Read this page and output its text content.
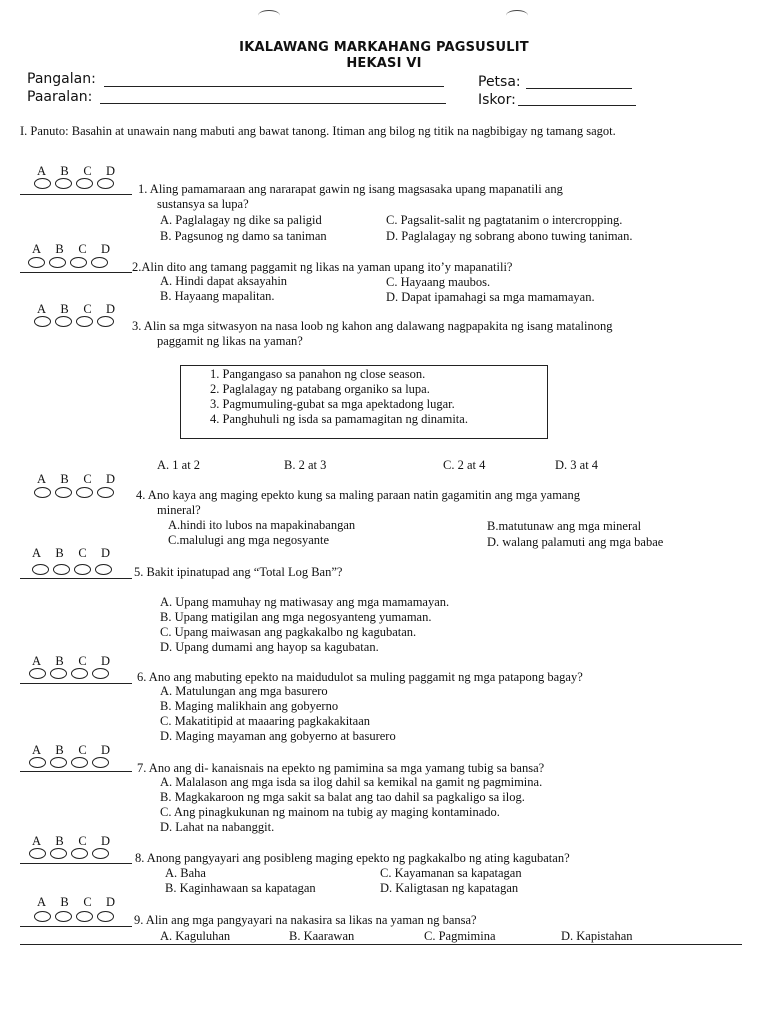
IKALAWANG MARKAHANG PAGSUSULIT
HEKASI VI
Pangalan:
Paaralan:
Petsa:
Iskor:
I. Panuto: Basahin at unawain nang mabuti ang bawat tanong. Itiman ang bilog ng titik na nagbibigay ng tamang sagot.
A B C D
1. Aling pamamaraan ang nararapat gawin ng isang magsasaka upang mapanatili ang
sustansya sa lupa?
A. Paglalagay ng dike sa paligid
B. Pagsunog ng damo sa taniman
C. Pagsalit-salit ng pagtatanim o intercropping.
D. Paglalagay ng sobrang abono tuwing taniman.
A B C D
2.Alin dito ang tamang paggamit ng likas na yaman upang ito’y mapanatili?
A. Hindi dapat aksayahin
B. Hayaang mapalitan.
C. Hayaang maubos.
D. Dapat ipamahagi sa mga mamamayan.
A B C D
3. Alin sa mga sitwasyon na nasa loob ng kahon ang dalawang nagpapakita ng isang matalinong
paggamit ng likas na yaman?
1. Pangangaso sa panahon ng close season.
2. Paglalagay ng patabang organiko sa lupa.
3. Pagmumuling-gubat sa mga apektadong lugar.
4. Panghuhuli ng isda sa pamamagitan ng dinamita.
A. 1 at 2	B. 2 at 3	C. 2 at 4	D. 3 at 4
A B C D
4. Ano kaya ang maging epekto kung sa maling paraan natin gagamitin ang mga yamang
mineral?
A.hindi ito lubos na mapakinabangan
C.malulugi ang mga negosyante
B.matutunaw ang mga mineral
D. walang palamuti ang mga babae
A B C D
5. Bakit ipinatupad ang “Total Log Ban”?
A. Upang mamuhay ng matiwasay ang mga mamamayan.
B. Upang matigilan ang mga negosyanteng yumaman.
C. Upang maiwasan ang pagkakalbo ng kagubatan.
D. Upang dumami ang hayop sa kagubatan.
A B C D
6. Ano ang mabuting epekto na maidudulot sa muling paggamit ng mga patapong bagay?
A. Matulungan ang mga basurero
B. Maging malikhain ang gobyerno
C. Makatitipid at maaaring pagkakakitaan
D. Maging mayaman ang gobyerno at basurero
A B C D
7. Ano ang di- kanaisnais na epekto ng pamimina sa mga yamang tubig sa bansa?
A. Malalason ang mga isda sa ilog dahil sa kemikal na gamit ng pagmimina.
B. Magkakaroon ng mga sakit sa balat ang tao dahil sa pagkaligo sa ilog.
C. Ang pinagkukunan ng mainom na tubig ay maging kontaminado.
D. Lahat na nabanggit.
A B C D
8. Anong pangyayari ang posibleng maging epekto ng pagkakalbo ng ating kagubatan?
A. Baha
B. Kaginhawaan sa kapatagan
C. Kayamanan sa kapatagan
D. Kaligtasan ng kapatagan
A B C D
9. Alin ang mga pangyayari na nakasira sa likas na yaman ng bansa?
A. Kaguluhan	B. Kaarawan	C. Pagmimina	D. Kapistahan
